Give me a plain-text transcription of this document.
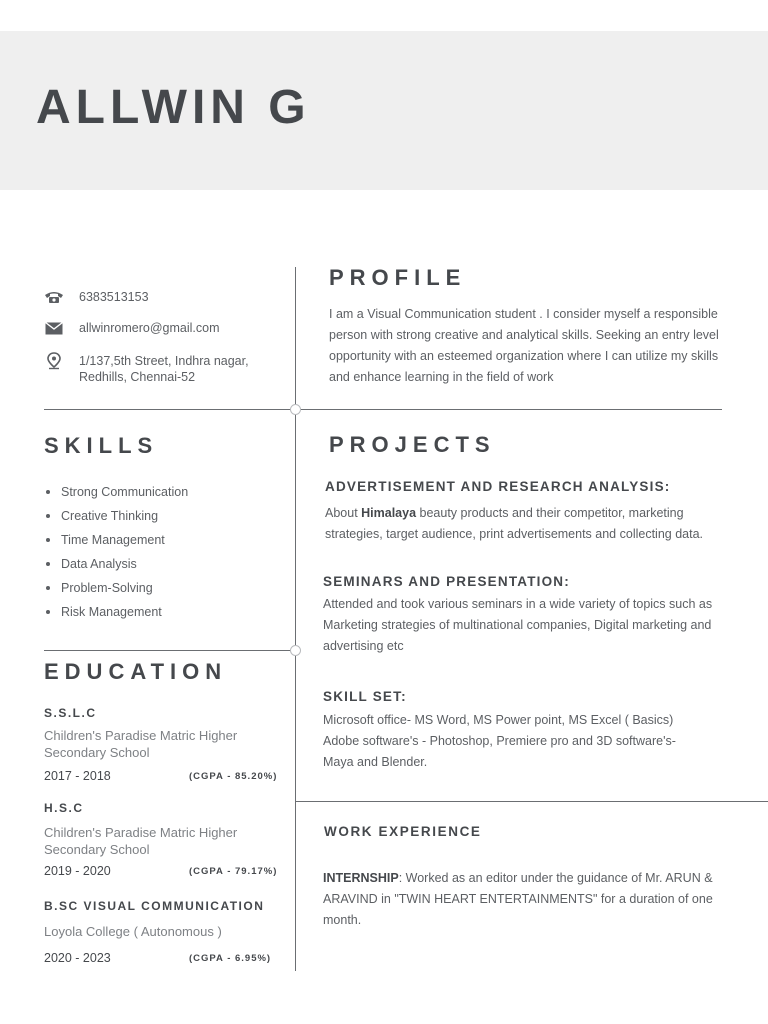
ALLWIN G
6383513153
allwinromero@gmail.com
1/137,5th Street, Indhra nagar,
Redhills, Chennai-52
PROFILE
I am a Visual Communication student . I consider myself a responsible person with strong creative and analytical skills. Seeking an entry level opportunity with an esteemed organization where I can utilize my skills and enhance learning in the field of work
SKILLS
Strong Communication
Creative Thinking
Time Management
Data Analysis
Problem-Solving
Risk Management
PROJECTS
ADVERTISEMENT AND RESEARCH ANALYSIS:
About Himalaya beauty products and their competitor, marketing strategies, target audience, print advertisements and collecting data.
SEMINARS AND PRESENTATION:
Attended and took various seminars in a wide variety of topics such as Marketing strategies of multinational companies, Digital marketing and advertising etc
SKILL SET:
Microsoft office- MS Word, MS Power point, MS Excel ( Basics)
Adobe software's - Photoshop, Premiere pro and 3D software's-
Maya and Blender.
EDUCATION
S.S.L.C
Children's Paradise Matric Higher Secondary School
2017 - 2018	(CGPA - 85.20%)
H.S.C
Children's Paradise Matric Higher Secondary School
2019 - 2020	(CGPA - 79.17%)
B.SC VISUAL COMMUNICATION
Loyola College ( Autonomous )
2020 - 2023	(CGPA - 6.95%)
WORK EXPERIENCE
INTERNSHIP: Worked as an editor under the guidance of Mr. ARUN & ARAVIND in "TWIN HEART ENTERTAINMENTS" for a duration of one month.
